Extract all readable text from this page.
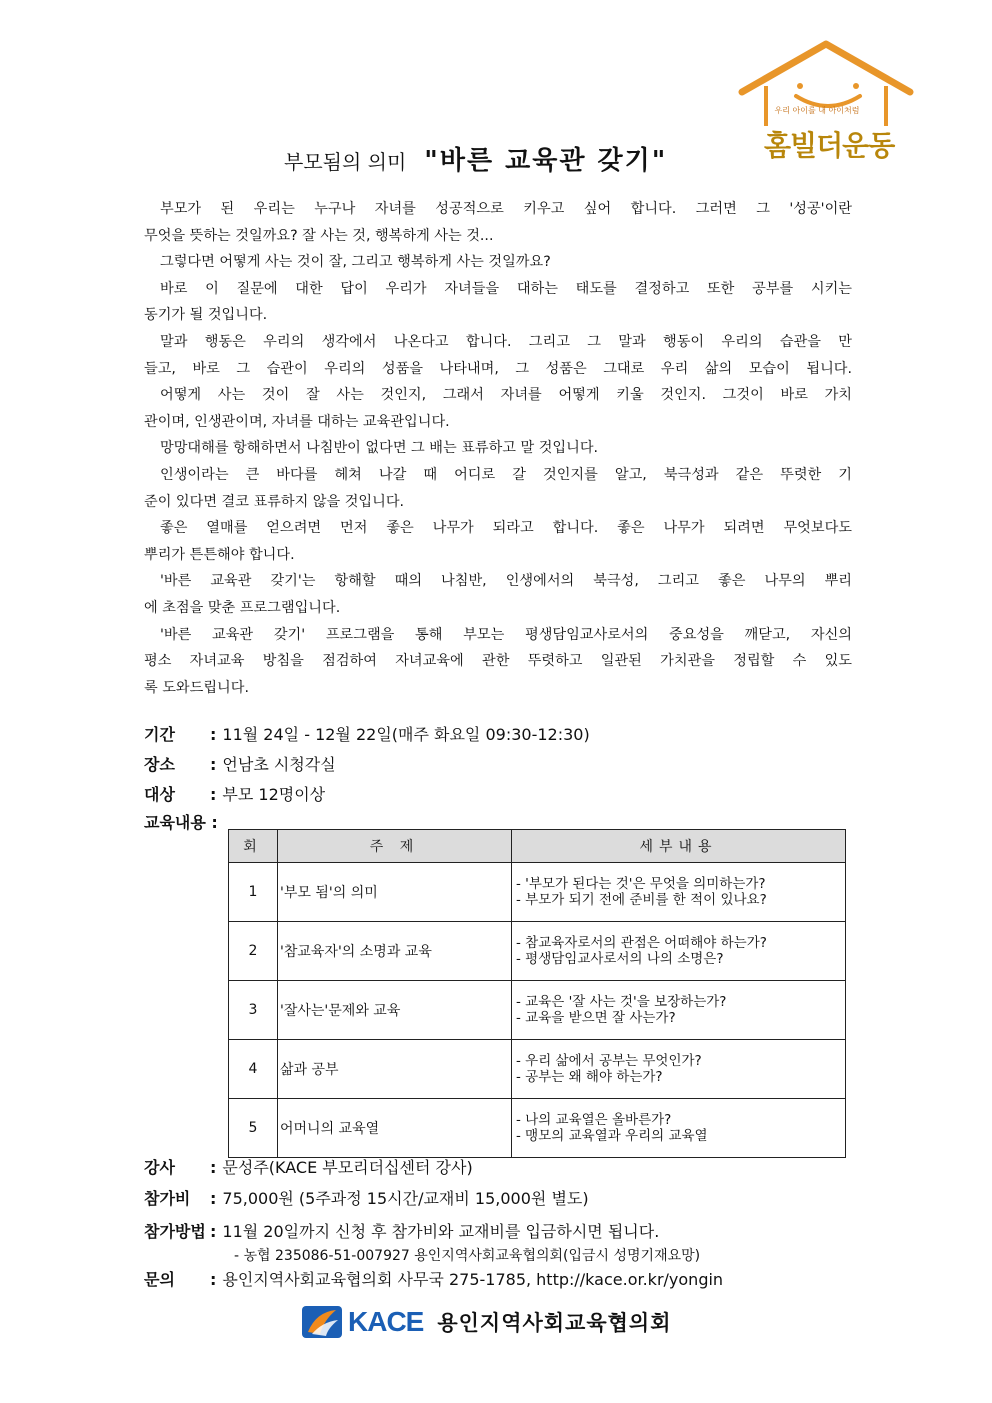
우리 아이를 내 아이처럼
홈빌더운동
부모됨의 의미 "바른 교육관 갖기"

부모가 된 우리는 누구나 자녀를 성공적으로 키우고 싶어 합니다. 그러면 그 '성공'이란

무엇을 뜻하는 것일까요? 잘 사는 것, 행복하게 사는 것...

그렇다면 어떻게 사는 것이 잘, 그리고 행복하게 사는 것일까요?

바로 이 질문에 대한 답이 우리가 자녀들을 대하는 태도를 결정하고 또한 공부를 시키는

동기가 될 것입니다.

말과 행동은 우리의 생각에서 나온다고 합니다. 그리고 그 말과 행동이 우리의 습관을 만

들고, 바로 그 습관이 우리의 성품을 나타내며, 그 성품은 그대로 우리 삶의 모습이 됩니다.

어떻게 사는 것이 잘 사는 것인지, 그래서 자녀를 어떻게 키울 것인지. 그것이 바로 가치

관이며, 인생관이며, 자녀를 대하는 교육관입니다.

망망대해를 항해하면서 나침반이 없다면 그 배는 표류하고 말 것입니다.

인생이라는 큰 바다를 헤쳐 나갈 때 어디로 갈 것인지를 알고, 북극성과 같은 뚜렷한 기

준이 있다면 결코 표류하지 않을 것입니다.

좋은 열매를 얻으려면 먼저 좋은 나무가 되라고 합니다. 좋은 나무가 되려면 무엇보다도

뿌리가 튼튼해야 합니다.

'바른 교육관 갖기'는 항해할 때의 나침반, 인생에서의 북극성, 그리고 좋은 나무의 뿌리

에 초점을 맞춘 프로그램입니다.

'바른 교육관 갖기' 프로그램을 통해 부모는 평생담임교사로서의 중요성을 깨닫고, 자신의

평소 자녀교육 방침을 점검하여 자녀교육에 관한 뚜렷하고 일관된 가치관을 정립할 수 있도

록 도와드립니다.

기간 : 11월 24일 - 12월 22일(매주 화요일 09:30-12:30)
장소 : 언남초 시청각실
대상 : 부모 12명이상
교육내용 :
회	주 제	세부내용
1	'부모 됨'의 의미	- '부모가 된다는 것'은 무엇을 의미하는가?
- 부모가 되기 전에 준비를 한 적이 있나요?

2	'참교육자'의 소명과 교육	- 참교육자로서의 관점은 어떠해야 하는가?
- 평생담임교사로서의 나의 소명은?

3	'잘사는'문제와 교육	- 교육은 '잘 사는 것'을 보장하는가?
- 교육을 받으면 잘 사는가?

4	삶과 공부	- 우리 삶에서 공부는 무엇인가?
- 공부는 왜 해야 하는가?

5	어머니의 교육열	- 나의 교육열은 올바른가?
- 맹모의 교육열과 우리의 교육열
강사 : 문성주(KACE 부모리더십센터 강사)
참가비 : 75,000원 (5주과정 15시간/교재비 15,000원 별도)
참가방법 : 11월 20일까지 신청 후 참가비와 교재비를 입금하시면 됩니다.
- 농협 235086-51-007927 용인지역사회교육협의회(입금시 성명기재요망)
문의 : 용인지역사회교육협의회 사무국 275-1785, http://kace.or.kr/yongin
KACE 용인지역사회교육협의회
